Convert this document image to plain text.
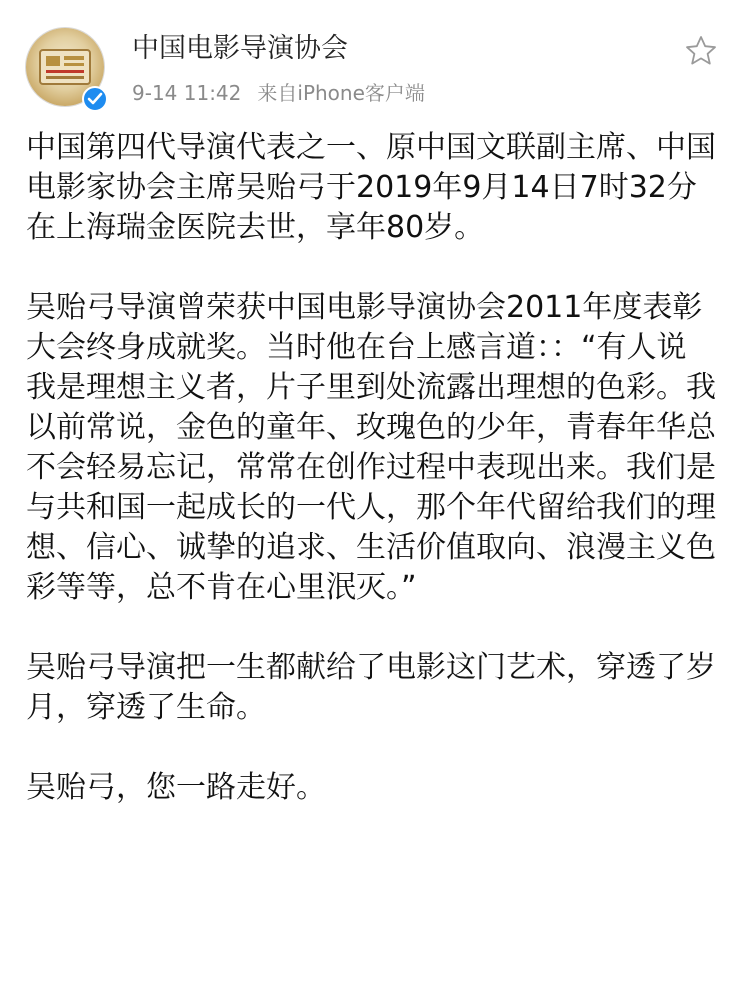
中国电影导演协会
9-14 11:42 来自iPhone客户端

中国第四代导演代表之一、原中国文联副主席、中国电影家协会主席吴贻弓于2019年9月14日7时32分在上海瑞金医院去世，享年80岁。

吴贻弓导演曾荣获中国电影导演协会2011年度表彰大会终身成就奖。当时他在台上感言道：：“有人说我是理想主义者，片子里到处流露出理想的色彩。我以前常说，金色的童年、玫瑰色的少年，青春年华总不会轻易忘记，常常在创作过程中表现出来。我们是与共和国一起成长的一代人，那个年代留给我们的理想、信心、诚挚的追求、生活价值取向、浪漫主义色彩等等，总不肯在心里泯灭。”

吴贻弓导演把一生都献给了电影这门艺术，穿透了岁月，穿透了生命。

吴贻弓，您一路走好。
